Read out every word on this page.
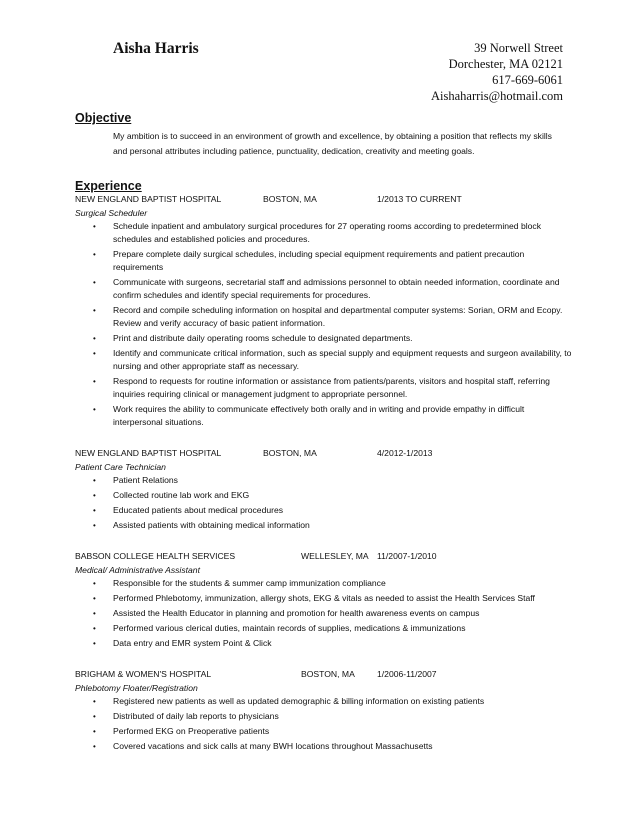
Aisha Harris	39 Norwell Street
Dorchester, MA 02121
617-669-6061
Aishaharris@hotmail.com
Objective
My ambition is to succeed in an environment of growth and excellence, by obtaining a position that reflects my skills and personal attributes including patience, punctuality, dedication, creativity and meeting goals.
Experience
NEW ENGLAND BAPTIST HOSPITAL	BOSTON, MA	1/2013 TO CURRENT
Surgical Scheduler
• Schedule inpatient and ambulatory surgical procedures for 27 operating rooms according to predetermined block schedules and established policies and procedures.
• Prepare complete daily surgical schedules, including special equipment requirements and patient precaution requirements
• Communicate with surgeons, secretarial staff and admissions personnel to obtain needed information, coordinate and confirm schedules and identify special requirements for procedures.
• Record and compile scheduling information on hospital and departmental computer systems: Sorian, ORM and Ecopy. Review and verify accuracy of basic patient information.
• Print and distribute daily operating rooms schedule to designated departments.
• Identify and communicate critical information, such as special supply and equipment requests and surgeon availability, to nursing and other appropriate staff as necessary.
• Respond to requests for routine information or assistance from patients/parents, visitors and hospital staff, referring inquiries requiring clinical or management judgment to appropriate personnel.
• Work requires the ability to communicate effectively both orally and in writing and provide empathy in difficult interpersonal situations.
NEW ENGLAND BAPTIST HOSPITAL	BOSTON, MA	4/2012-1/2013
Patient Care Technician
• Patient Relations
• Collected routine lab work and EKG
• Educated patients about medical procedures
• Assisted patients with obtaining medical information
BABSON COLLEGE HEALTH SERVICES	WELLESLEY, MA 11/2007-1/2010
Medical/ Administrative Assistant
• Responsible for the students & summer camp immunization compliance
• Performed Phlebotomy, immunization, allergy shots, EKG & vitals as needed to assist the Health Services Staff
• Assisted the Health Educator in planning and promotion for health awareness events on campus
• Performed various clerical duties, maintain records of supplies, medications & immunizations
• Data entry and EMR system Point & Click
BRIGHAM & WOMEN'S HOSPITAL	BOSTON, MA	1/2006-11/2007
Phlebotomy Floater/Registration
• Registered new patients as well as updated demographic & billing information on existing patients
• Distributed of daily lab reports to physicians
• Performed EKG on Preoperative patients
• Covered vacations and sick calls at many BWH locations throughout Massachusetts
